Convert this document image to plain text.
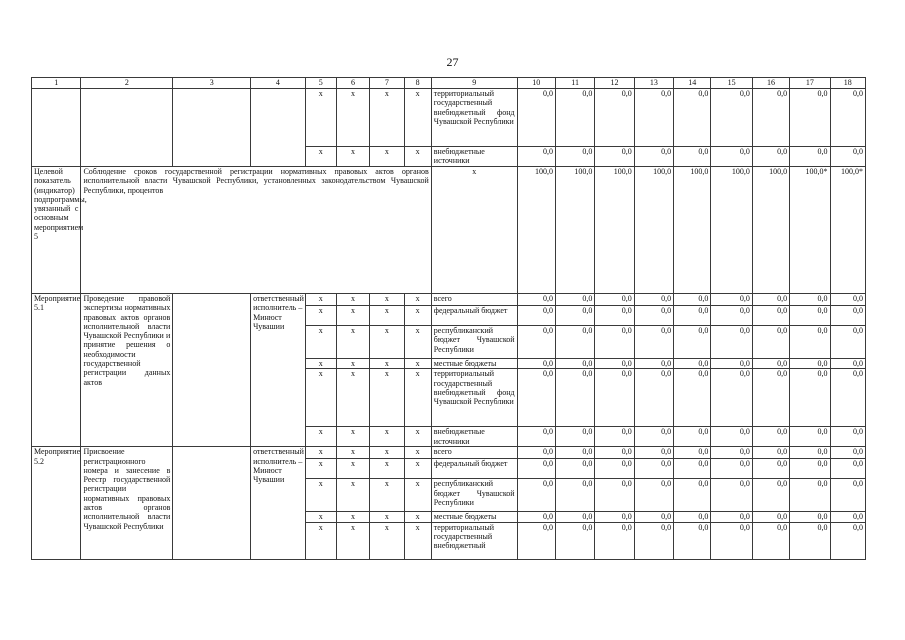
27
1	2	3	4	5	6	7	8	9	10	11	12	13	14	15	16	17	18
				х	х	х	х	территориальный государственный внебюджетный фонд Чувашской Республики	0,0	0,0	0,0	0,0	0,0	0,0	0,0	0,0	0,0
				х	х	х	х	внебюджетные источники	0,0	0,0	0,0	0,0	0,0	0,0	0,0	0,0	0,0
Целевой показатель (индикатор) подпрограммы, увязанный с основным мероприятием 5	Соблюдение сроков государственной регистрации нормативных правовых актов органов исполнительной власти Чувашской Республики, установленных законодательством Чувашской Республики, процентов							х	100,0	100,0	100,0	100,0	100,0	100,0	100,0	100,0*	100,0*
Мероприятие 5.1	Проведение правовой экспертизы нормативных правовых актов органов исполнительной власти Чувашской Республики и принятие решения о необходимости государственной регистрации данных актов		ответственный исполнитель – Минюст Чувашии	х	х	х	х	всего	0,0	0,0	0,0	0,0	0,0	0,0	0,0	0,0	0,0
				х	х	х	х	федеральный бюджет	0,0	0,0	0,0	0,0	0,0	0,0	0,0	0,0	0,0
				х	х	х	х	республиканский бюджет Чувашской Республики	0,0	0,0	0,0	0,0	0,0	0,0	0,0	0,0	0,0
				х	х	х	х	местные бюджеты	0,0	0,0	0,0	0,0	0,0	0,0	0,0	0,0	0,0
				х	х	х	х	территориальный государственный внебюджетный фонд Чувашской Республики	0,0	0,0	0,0	0,0	0,0	0,0	0,0	0,0	0,0
				х	х	х	х	внебюджетные источники	0,0	0,0	0,0	0,0	0,0	0,0	0,0	0,0	0,0
Мероприятие 5.2	Присвоение регистрационного номера и занесение в Реестр государственной регистрации нормативных правовых актов органов исполнительной власти Чувашской Республики		ответственный исполнитель – Минюст Чувашии	х	х	х	х	всего	0,0	0,0	0,0	0,0	0,0	0,0	0,0	0,0	0,0
				х	х	х	х	федеральный бюджет	0,0	0,0	0,0	0,0	0,0	0,0	0,0	0,0	0,0
				х	х	х	х	республиканский бюджет Чувашской Республики	0,0	0,0	0,0	0,0	0,0	0,0	0,0	0,0	0,0
				х	х	х	х	местные бюджеты	0,0	0,0	0,0	0,0	0,0	0,0	0,0	0,0	0,0
				х	х	х	х	территориальный государственный внебюджетный	0,0	0,0	0,0	0,0	0,0	0,0	0,0	0,0	0,0
